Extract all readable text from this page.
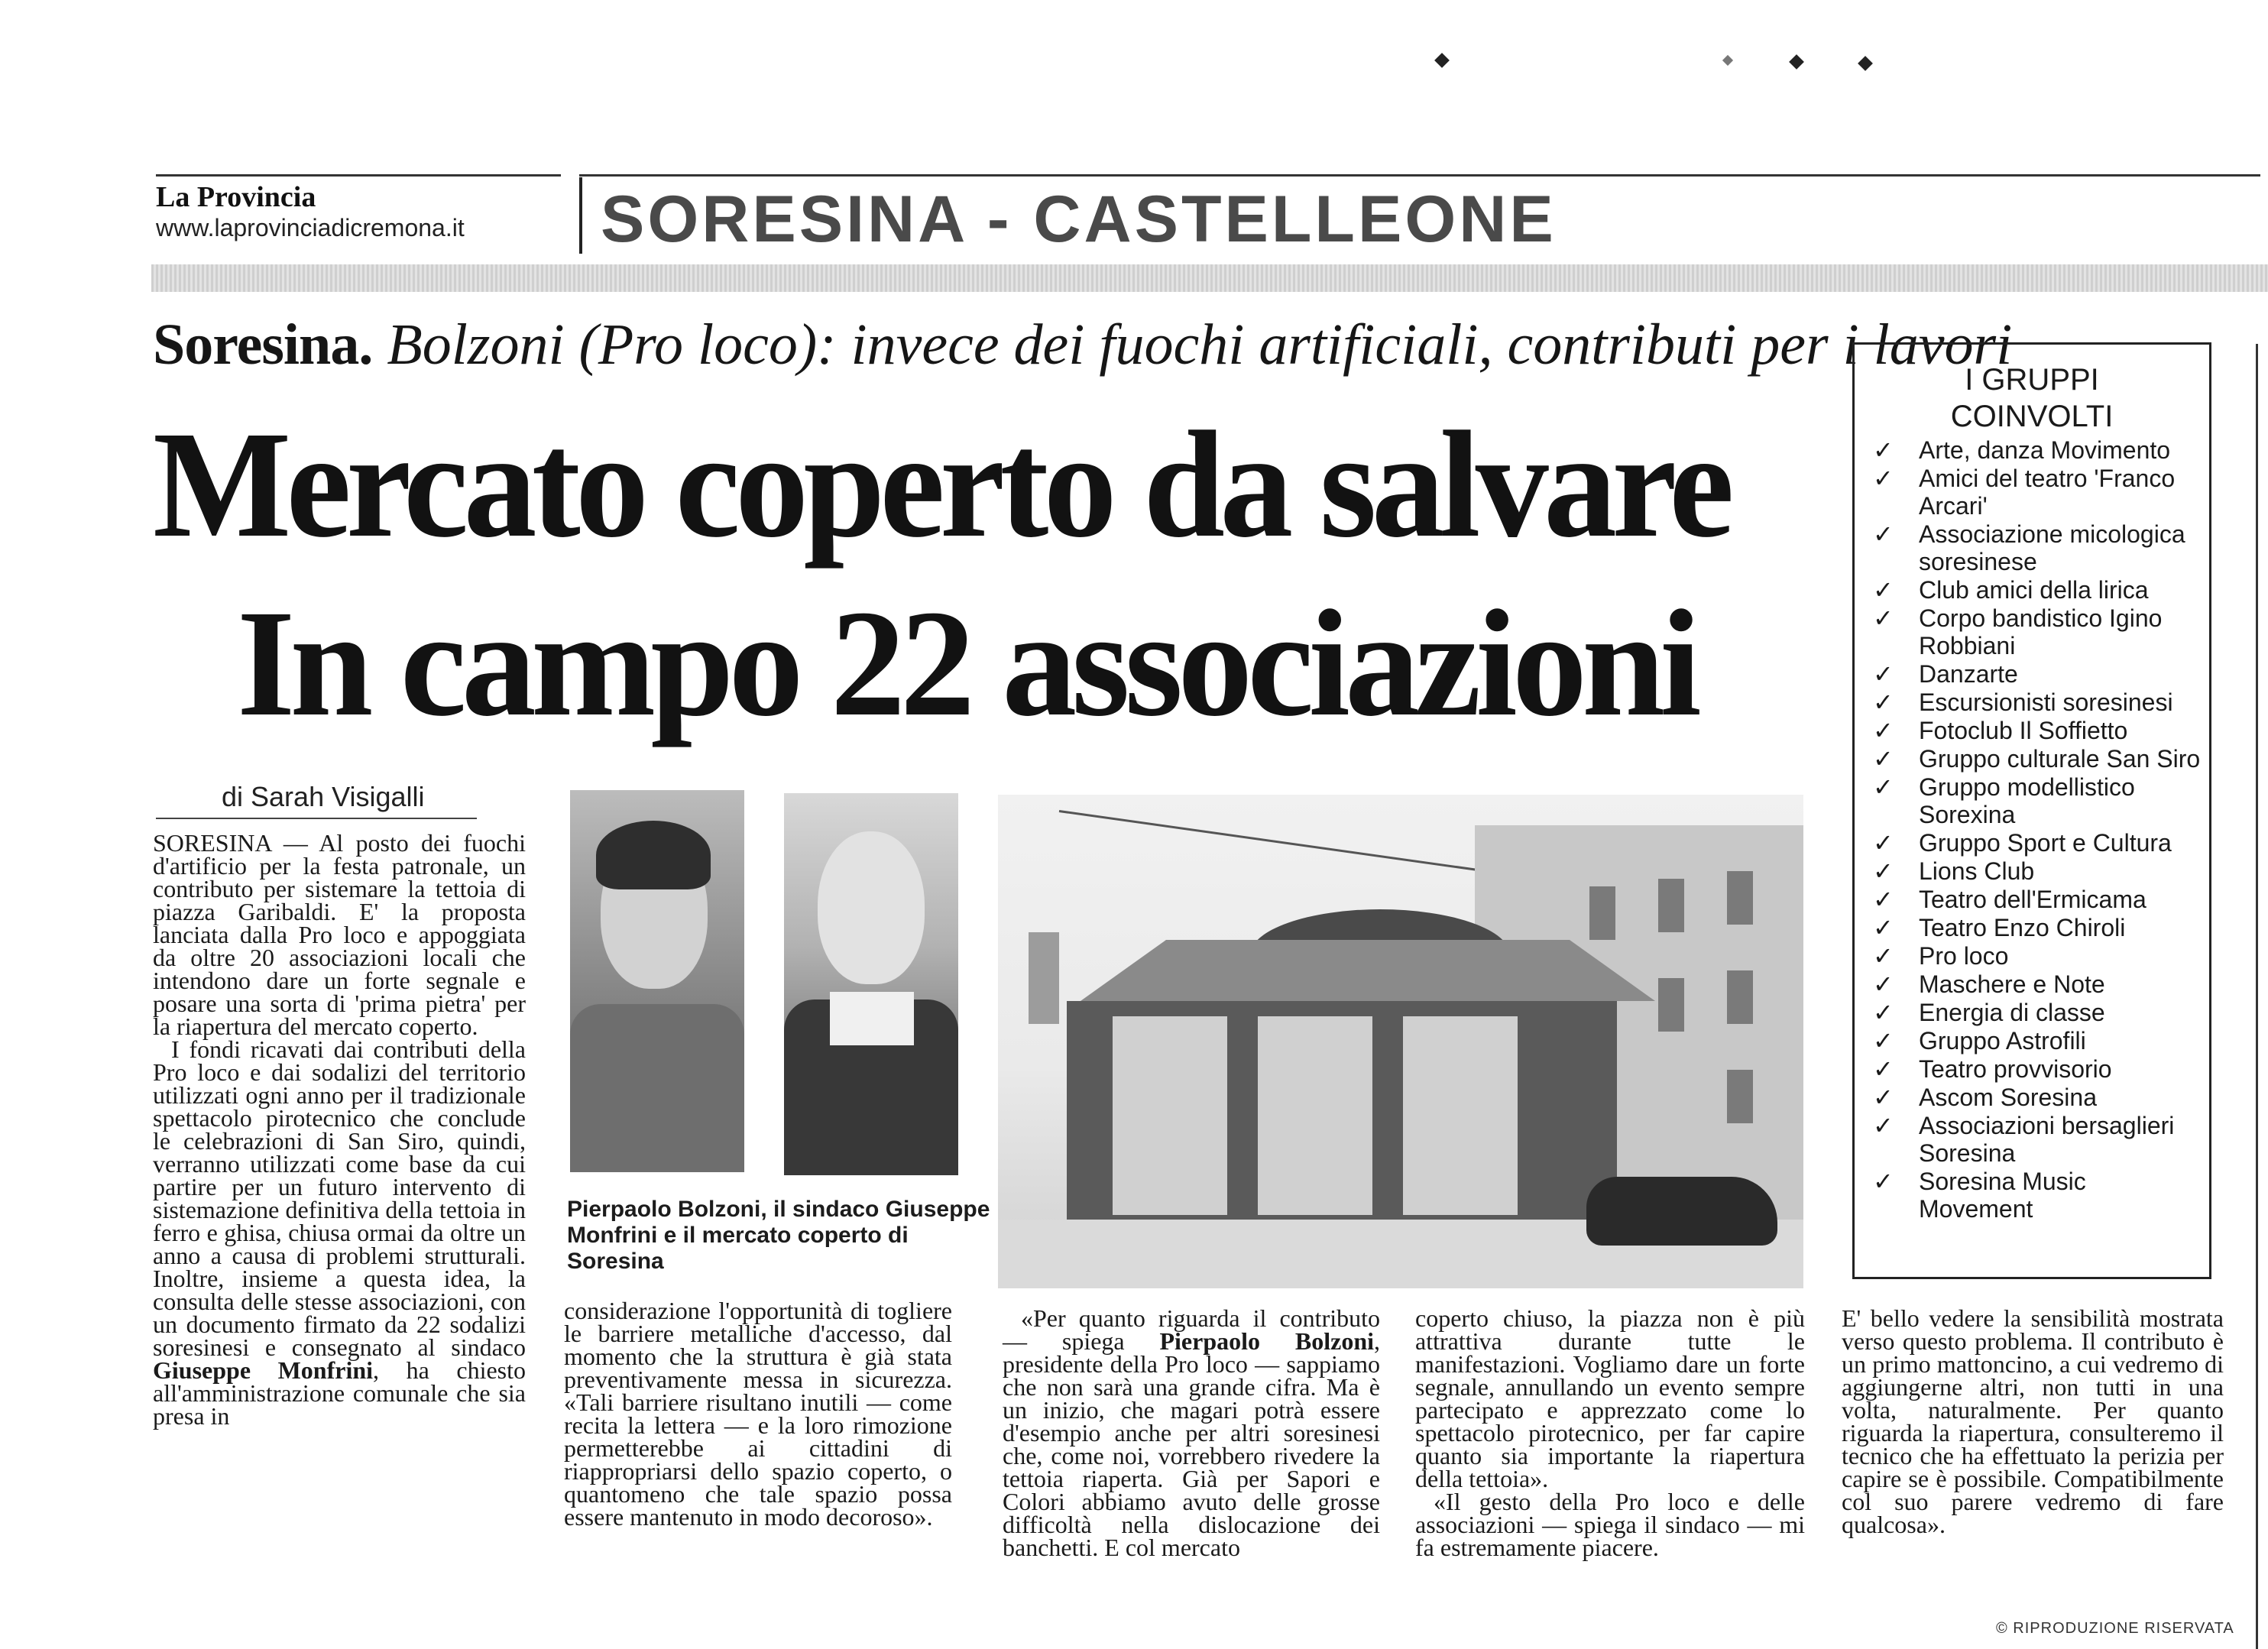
La Provincia
www.laprovinciadicremona.it SORESINA - CASTELLEONE
Soresina. Bolzoni (Pro loco): invece dei fuochi artificiali, contributi per i lavori
Mercato coperto da salvare
In campo 22 associazioni
I GRUPPI
COINVOLTI
✓ Arte, danza Movimento
✓ Amici del teatro 'Franco Arcari'
✓ Associazione micologica soresinese
✓ Club amici della lirica
✓ Corpo bandistico Igino Robbiani
✓ Danzarte
✓ Escursionisti soresinesi
✓ Fotoclub Il Soffietto
✓ Gruppo culturale San Siro
✓ Gruppo modellistico Sorexina
✓ Gruppo Sport e Cultura
✓ Lions Club
✓ Teatro dell'Ermicama
✓ Teatro Enzo Chiroli
✓ Pro loco
✓ Maschere e Note
✓ Energia di classe
✓ Gruppo Astrofili
✓ Teatro provvisorio
✓ Ascom Soresina
✓ Associazioni bersaglieri Soresina
✓ Soresina Music Movement
di Sarah Visigalli
Pierpaolo Bolzoni, il sindaco Giuseppe Monfrini e il mercato coperto di Soresina

SORESINA — Al posto dei fuochi d'artificio per la festa patronale, un contributo per sistemare la tettoia di piazza Garibaldi. E' la proposta lanciata dalla Pro loco e appoggiata da oltre 20 associazioni locali che intendono dare un forte segnale e posare una sorta di 'prima pietra' per la riapertura del mercato coperto.

I fondi ricavati dai contributi della Pro loco e dai sodalizi del territorio utilizzati ogni anno per il tradizionale spettacolo pirotecnico che conclude le celebrazioni di San Siro, quindi, verranno utilizzati come base da cui partire per un futuro intervento di sistemazione definitiva della tettoia in ferro e ghisa, chiusa ormai da oltre un anno a causa di problemi strutturali. Inoltre, insieme a questa idea, la consulta delle stesse associazioni, con un documento firmato da 22 sodalizi soresinesi e consegnato al sindaco Giuseppe Monfrini, ha chiesto all'amministrazione comunale che sia presa in

considerazione l'opportunità di togliere le barriere metalliche d'accesso, dal momento che la struttura è già stata preventivamente messa in sicurezza. «Tali barriere risultano inutili — come recita la lettera — e la loro rimozione permetterebbe ai cittadini di riappropriarsi dello spazio coperto, o quantomeno che tale spazio possa essere mantenuto in modo decoroso».

«Per quanto riguarda il contributo — spiega Pierpaolo Bolzoni, presidente della Pro loco — sappiamo che non sarà una grande cifra. Ma è un inizio, che magari potrà essere d'esempio anche per altri soresinesi che, come noi, vorrebbero rivedere la tettoia riaperta. Già per Sapori e Colori abbiamo avuto delle grosse difficoltà nella dislocazione dei banchetti. E col mercato

coperto chiuso, la piazza non è più attrattiva durante tutte le manifestazioni. Vogliamo dare un forte segnale, annullando un evento sempre partecipato e apprezzato come lo spettacolo pirotecnico, per far capire quanto sia importante la riapertura della tettoia».

«Il gesto della Pro loco e delle associazioni — spiega il sindaco — mi fa estremamente piacere.

E' bello vedere la sensibilità mostrata verso questo problema. Il contributo è un primo mattoncino, a cui vedremo di aggiungerne altri, non tutti in una volta, naturalmente. Per quanto riguarda la riapertura, consulteremo il tecnico che ha effettuato la perizia per capire se è possibile. Compatibilmente col suo parere vedremo di fare qualcosa».

© RIPRODUZIONE RISERVATA
